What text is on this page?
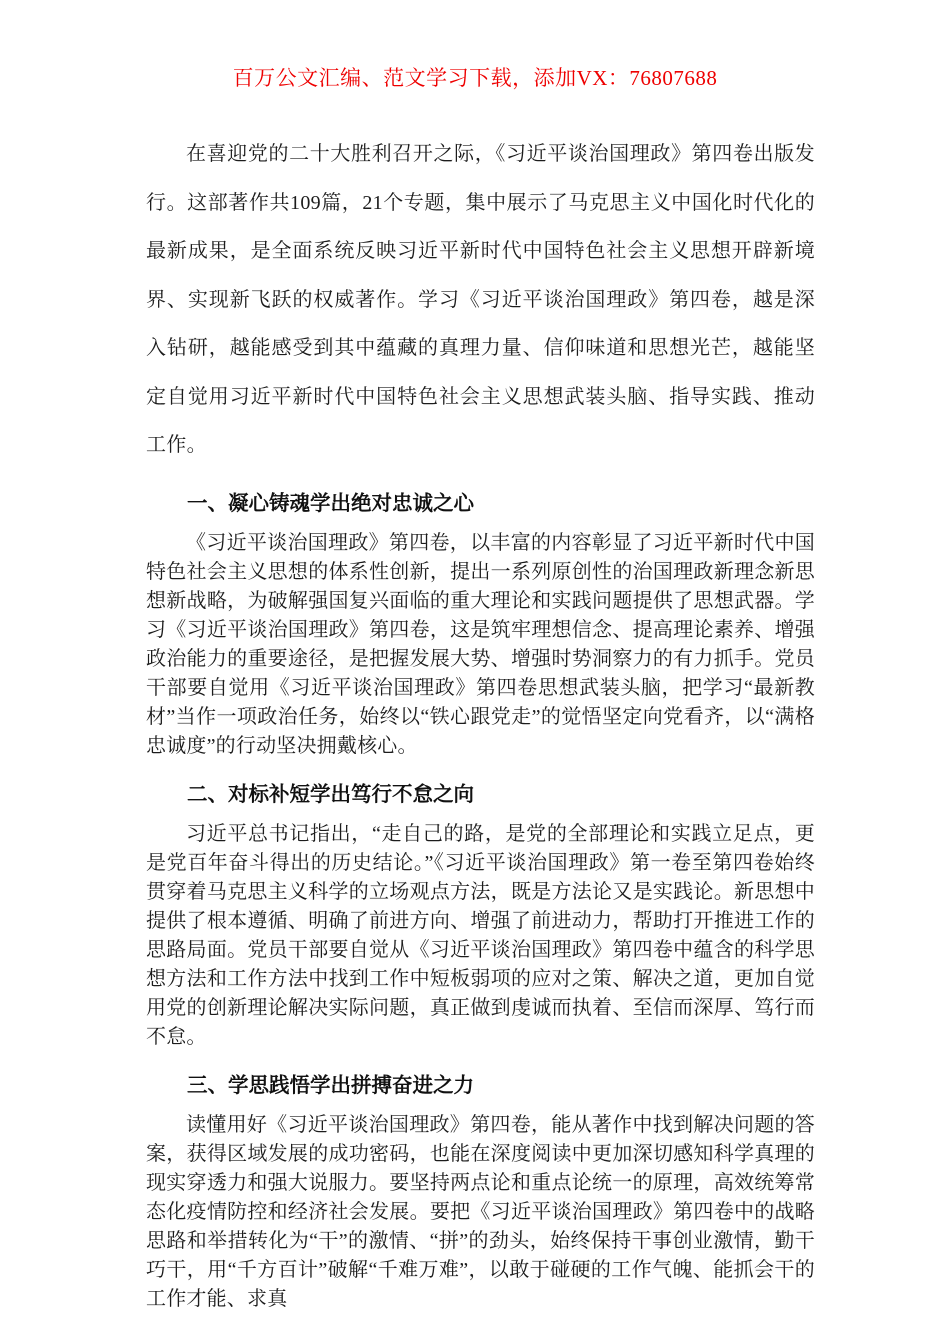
百万公文汇编、范文学习下载，添加VX：76807688

在喜迎党的二十大胜利召开之际，《习近平谈治国理政》第四卷出版发行。这部著作共109篇，21个专题，集中展示了马克思主义中国化时代化的最新成果，是全面系统反映习近平新时代中国特色社会主义思想开辟新境界、实现新飞跃的权威著作。学习《习近平谈治国理政》第四卷，越是深入钻研，越能感受到其中蕴藏的真理力量、信仰味道和思想光芒，越能坚定自觉用习近平新时代中国特色社会主义思想武装头脑、指导实践、推动工作。

一、凝心铸魂学出绝对忠诚之心

《习近平谈治国理政》第四卷，以丰富的内容彰显了习近平新时代中国特色社会主义思想的体系性创新，提出一系列原创性的治国理政新理念新思想新战略，为破解强国复兴面临的重大理论和实践问题提供了思想武器。学习《习近平谈治国理政》第四卷，这是筑牢理想信念、提高理论素养、增强政治能力的重要途径，是把握发展大势、增强时势洞察力的有力抓手。党员干部要自觉用《习近平谈治国理政》第四卷思想武装头脑，把学习“最新教材”当作一项政治任务，始终以“铁心跟党走”的觉悟坚定向党看齐，以“满格忠诚度”的行动坚决拥戴核心。

二、对标补短学出笃行不怠之向

习近平总书记指出，“走自己的路，是党的全部理论和实践立足点，更是党百年奋斗得出的历史结论。”《习近平谈治国理政》第一卷至第四卷始终贯穿着马克思主义科学的立场观点方法，既是方法论又是实践论。新思想中提供了根本遵循、明确了前进方向、增强了前进动力，帮助打开推进工作的思路局面。党员干部要自觉从《习近平谈治国理政》第四卷中蕴含的科学思想方法和工作方法中找到工作中短板弱项的应对之策、解决之道，更加自觉用党的创新理论解决实际问题，真正做到虔诚而执着、至信而深厚、笃行而不怠。

三、学思践悟学出拼搏奋进之力

读懂用好《习近平谈治国理政》第四卷，能从著作中找到解决问题的答案，获得区域发展的成功密码，也能在深度阅读中更加深切感知科学真理的现实穿透力和强大说服力。要坚持两点论和重点论统一的原理，高效统筹常态化疫情防控和经济社会发展。要把《习近平谈治国理政》第四卷中的战略思路和举措转化为“干”的激情、“拼”的劲头，始终保持干事创业激情，勤干巧干，用“千方百计”破解“千难万难”，以敢于碰硬的工作气魄、能抓会干的工作才能、求真
